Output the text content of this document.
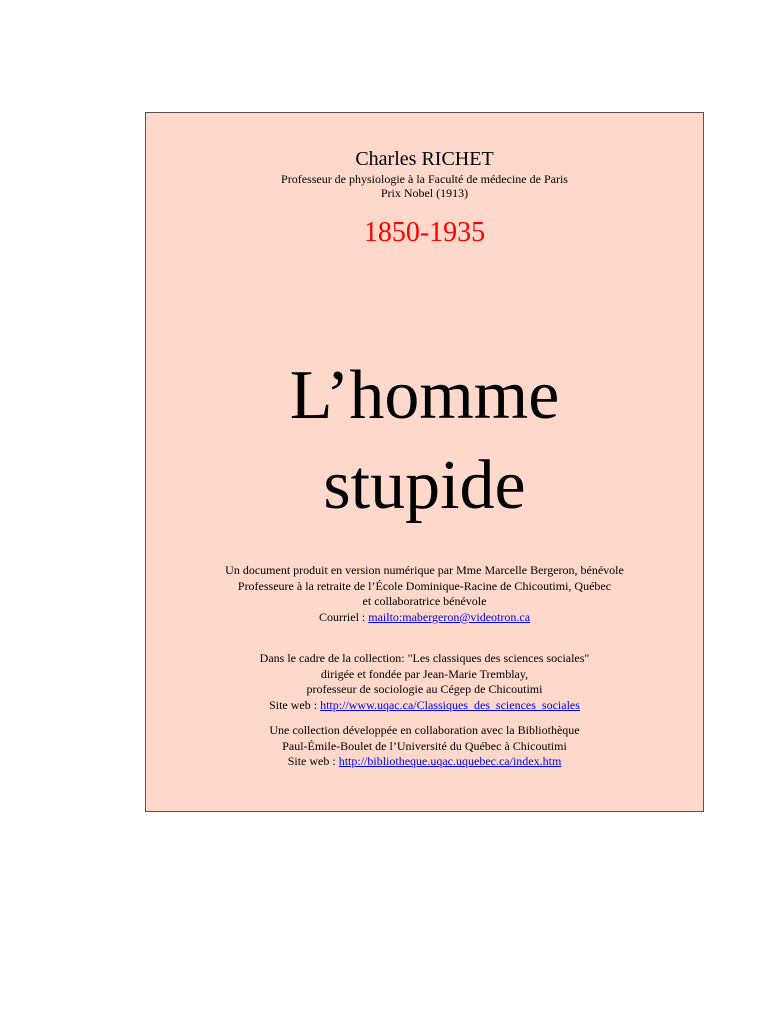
Charles RICHET
Professeur de physiologie à la Faculté de médecine de Paris
Prix Nobel (1913)
1850-1935
L’homme
stupide
Un document produit en version numérique par Mme Marcelle Bergeron, bénévole
Professeure à la retraite de l’École Dominique-Racine de Chicoutimi, Québec
et collaboratrice bénévole
Courriel : mailto:mabergeron@videotron.ca
Dans le cadre de la collection: "Les classiques des sciences sociales"
dirigée et fondée par Jean-Marie Tremblay,
professeur de sociologie au Cégep de Chicoutimi
Site web : http://www.uqac.ca/Classiques_des_sciences_sociales
Une collection développée en collaboration avec la Bibliothèque
Paul-Émile-Boulet de l’Université du Québec à Chicoutimi
Site web : http://bibliotheque.uqac.uquebec.ca/index.htm
